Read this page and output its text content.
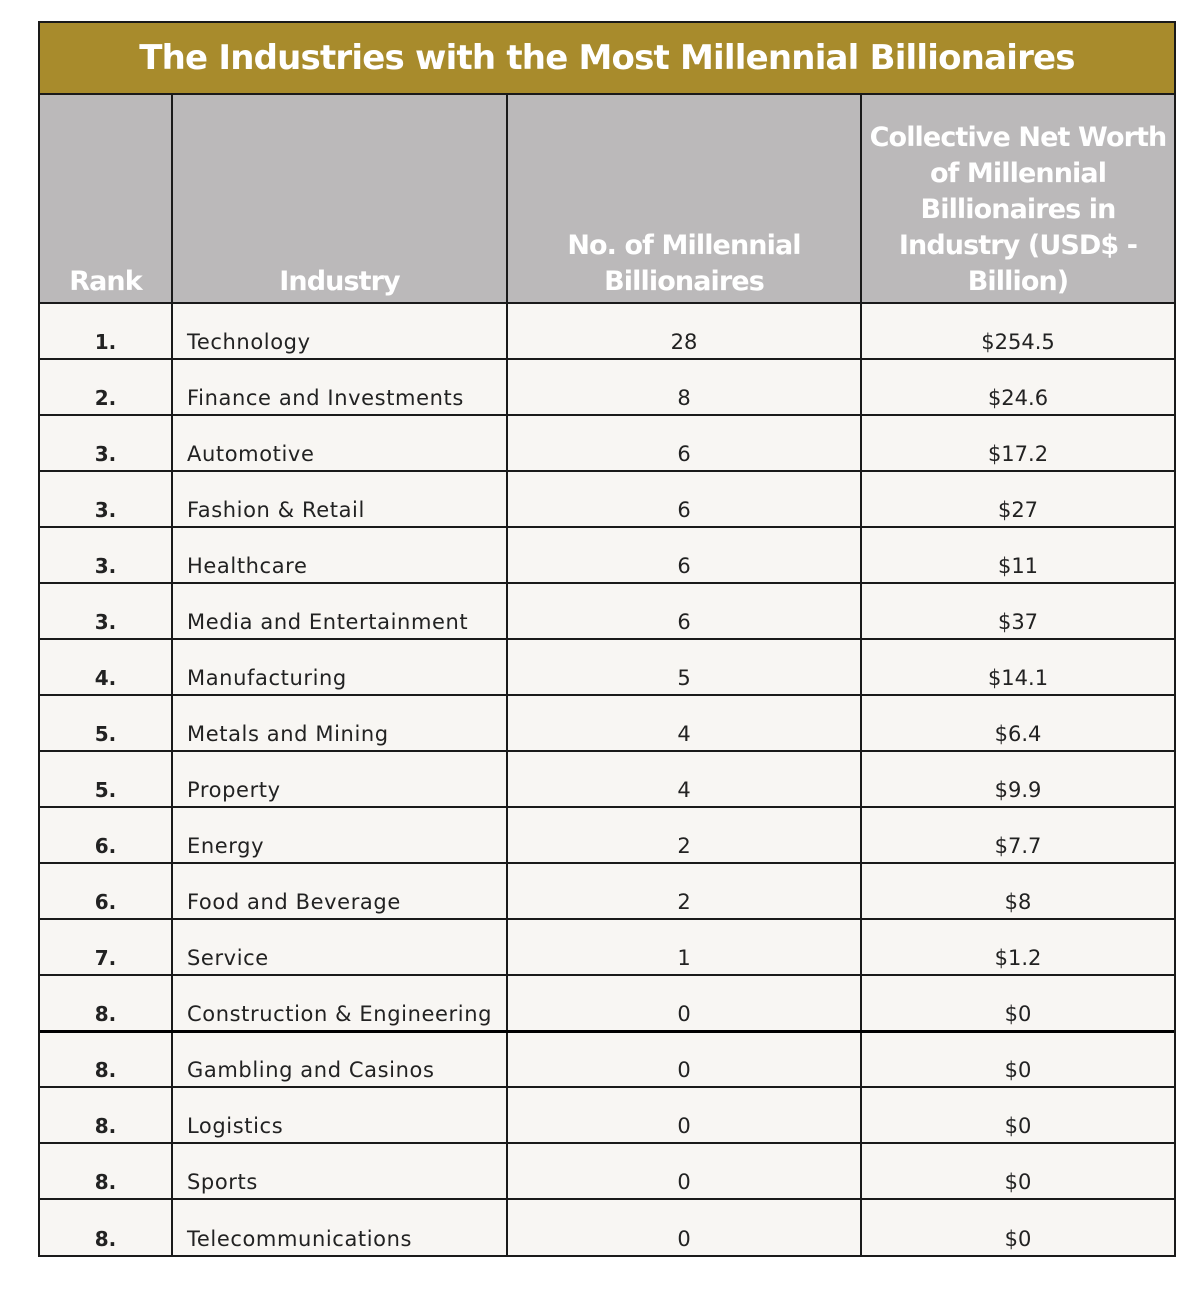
The Industries with the Most Millennial Billionaires
Rank	Industry	No. of Millennial Billionaires	Collective Net Worth of Millennial Billionaires in Industry (USD$ - Billion)
1.	Technology	28	$254.5
2.	Finance and Investments	8	$24.6
3.	Automotive	6	$17.2
3.	Fashion & Retail	6	$27
3.	Healthcare	6	$11
3.	Media and Entertainment	6	$37
4.	Manufacturing	5	$14.1
5.	Metals and Mining	4	$6.4
5.	Property	4	$9.9
6.	Energy	2	$7.7
6.	Food and Beverage	2	$8
7.	Service	1	$1.2
8.	Construction & Engineering	0	$0
8.	Gambling and Casinos	0	$0
8.	Logistics	0	$0
8.	Sports	0	$0
8.	Telecommunications	0	$0
